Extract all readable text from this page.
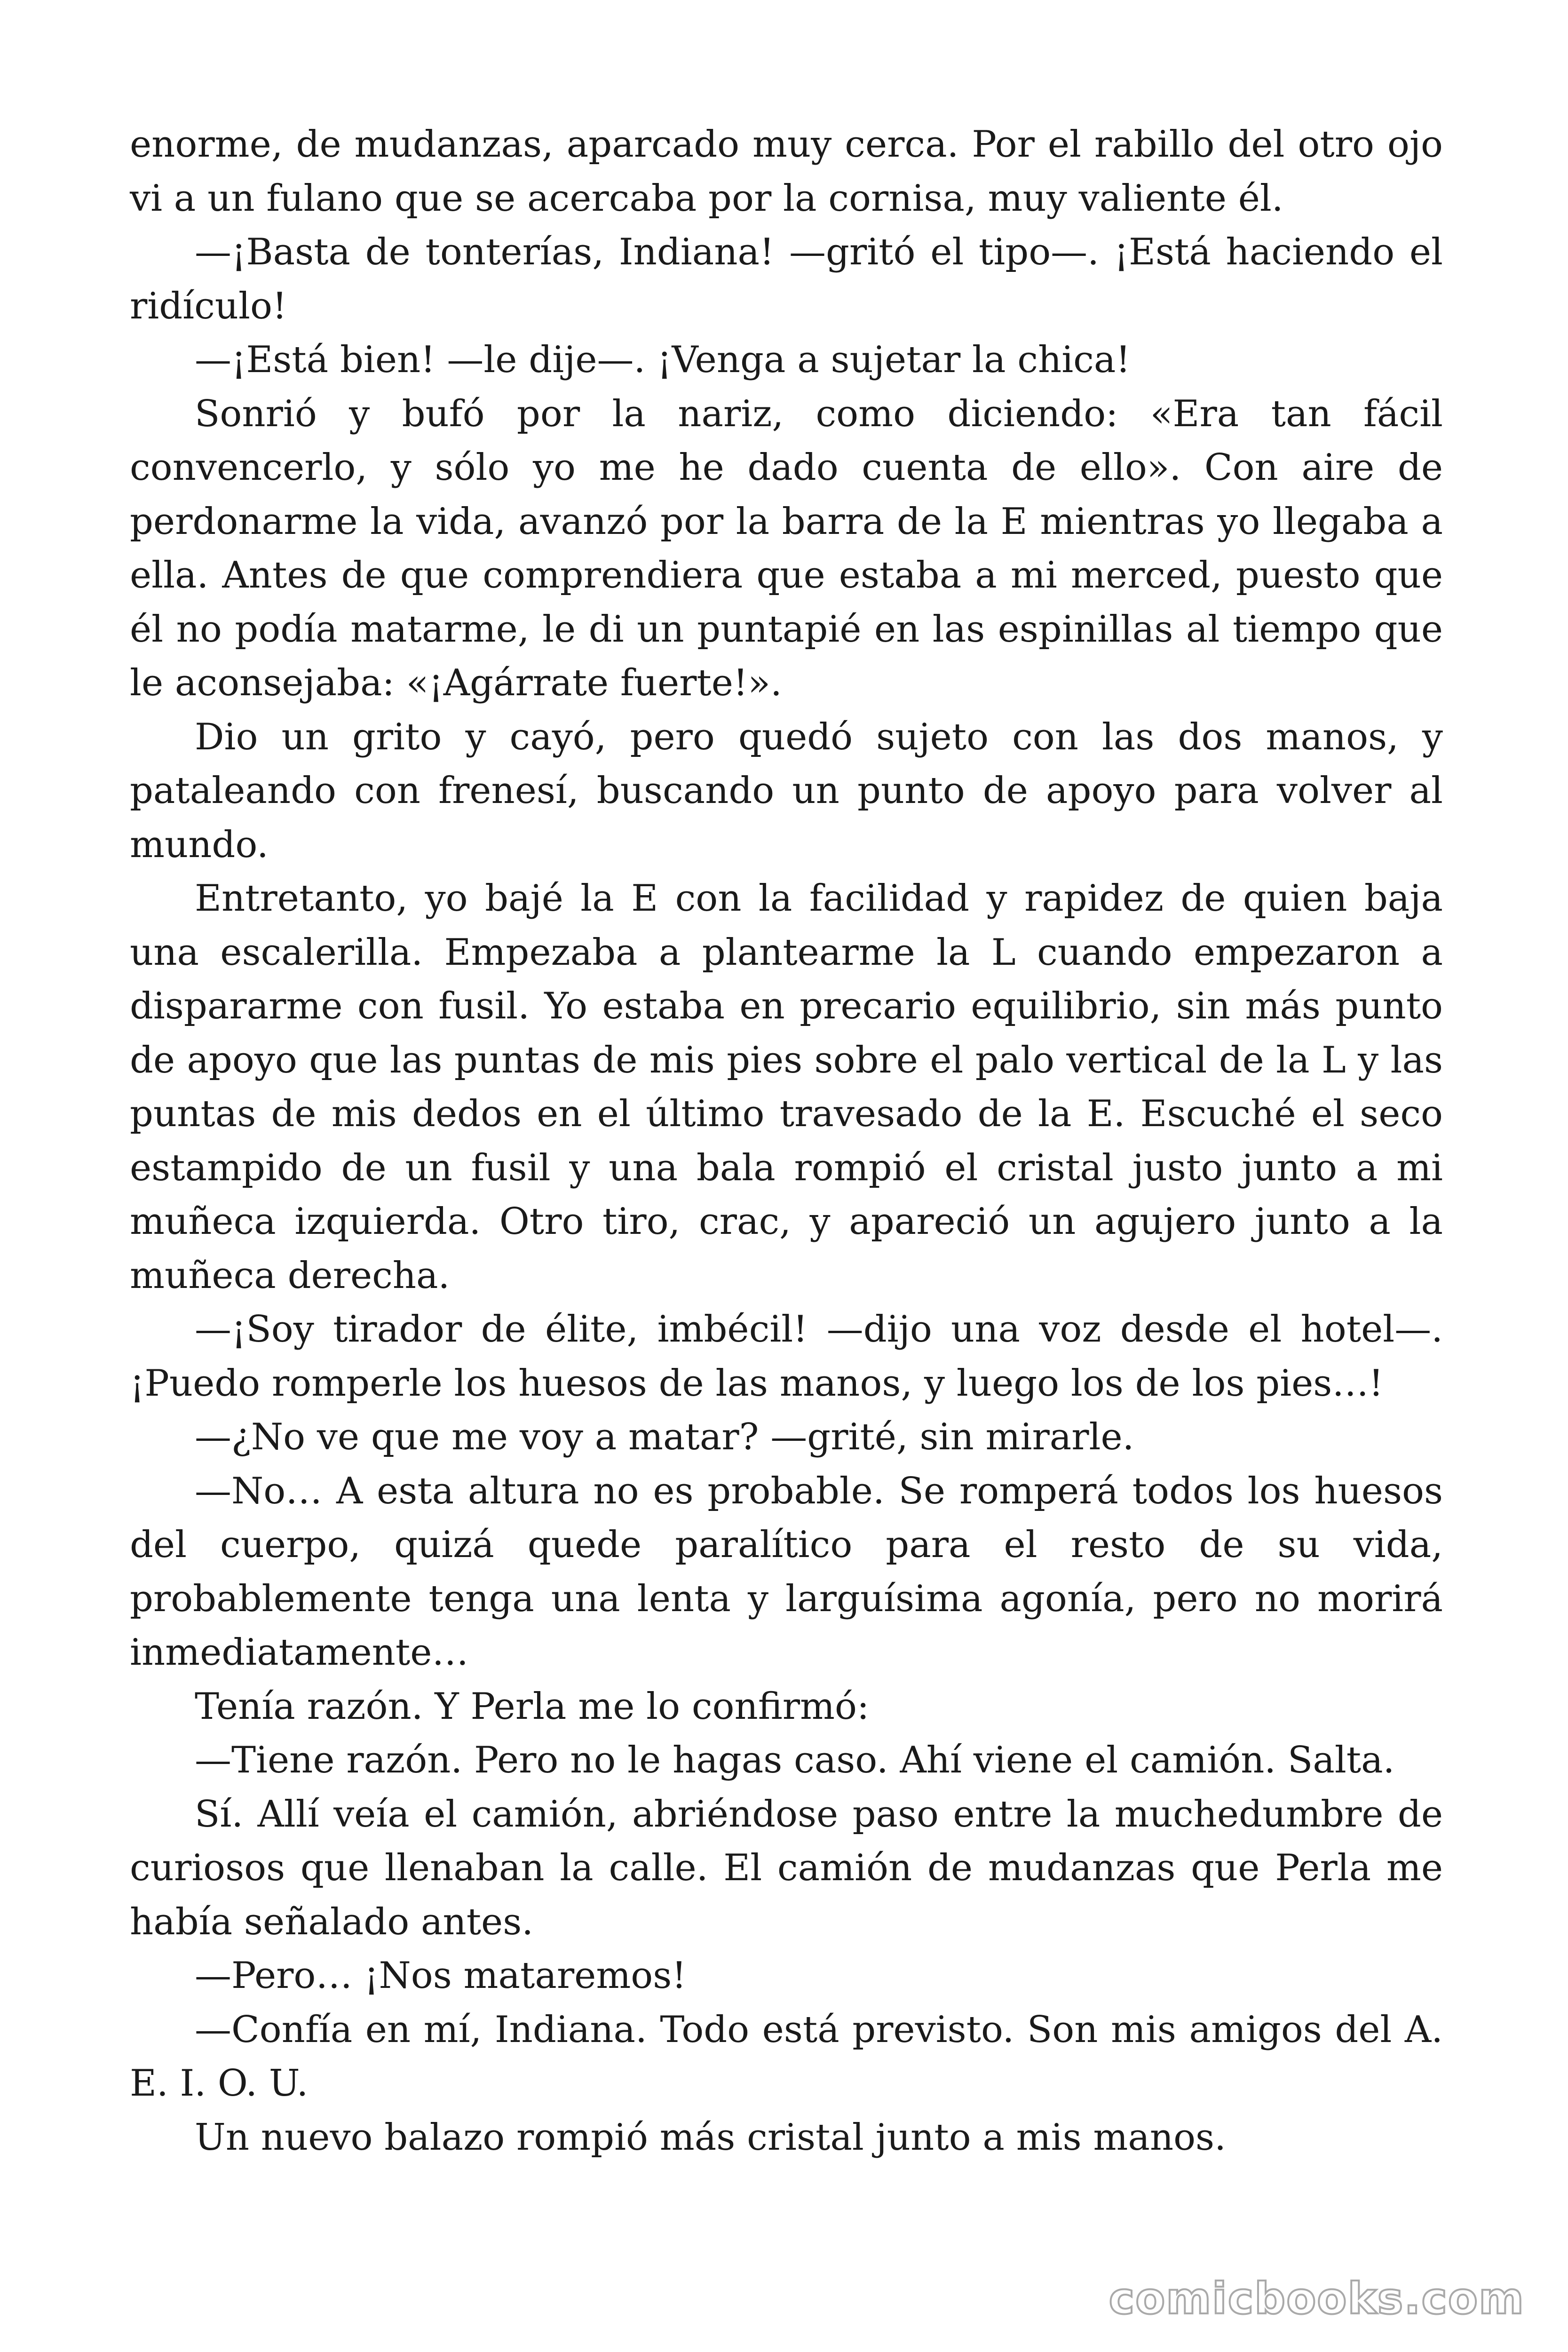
enorme, de mudanzas, aparcado muy cerca. Por el rabillo del otro ojo vi a un fulano que se acercaba por la cornisa, muy valiente él.

—¡Basta de tonterías, Indiana! —gritó el tipo—. ¡Está haciendo el ridículo!

—¡Está bien! —le dije—. ¡Venga a sujetar la chica!

Sonrió y bufó por la nariz, como diciendo: «Era tan fácil convencerlo, y sólo yo me he dado cuenta de ello». Con aire de perdonarme la vida, avanzó por la barra de la E mientras yo llegaba a ella. Antes de que comprendiera que estaba a mi merced, puesto que él no podía matarme, le di un puntapié en las espinillas al tiempo que le aconsejaba: «¡Agárrate fuerte!».

Dio un grito y cayó, pero quedó sujeto con las dos manos, y pataleando con frenesí, buscando un punto de apoyo para volver al mundo.

Entretanto, yo bajé la E con la facilidad y rapidez de quien baja una escalerilla. Empezaba a plantearme la L cuando empezaron a dispararme con fusil. Yo estaba en precario equilibrio, sin más punto de apoyo que las puntas de mis pies sobre el palo vertical de la L y las puntas de mis dedos en el último travesado de la E. Escuché el seco estampido de un fusil y una bala rompió el cristal justo junto a mi muñeca izquierda. Otro tiro, crac, y apareció un agujero junto a la muñeca derecha.

—¡Soy tirador de élite, imbécil! —dijo una voz desde el hotel—. ¡Puedo romperle los huesos de las manos, y luego los de los pies…!

—¿No ve que me voy a matar? —grité, sin mirarle.

—No… A esta altura no es probable. Se romperá todos los huesos del cuerpo, quizá quede paralítico para el resto de su vida, probablemente tenga una lenta y larguísima agonía, pero no morirá inmediatamente…

Tenía razón. Y Perla me lo confirmó:

—Tiene razón. Pero no le hagas caso. Ahí viene el camión. Salta.

Sí. Allí veía el camión, abriéndose paso entre la muchedumbre de curiosos que llenaban la calle. El camión de mudanzas que Perla me había señalado antes.

—Pero… ¡Nos mataremos!

—Confía en mí, Indiana. Todo está previsto. Son mis amigos del A. E. I. O. U.

Un nuevo balazo rompió más cristal junto a mis manos.

comicbooks.com
